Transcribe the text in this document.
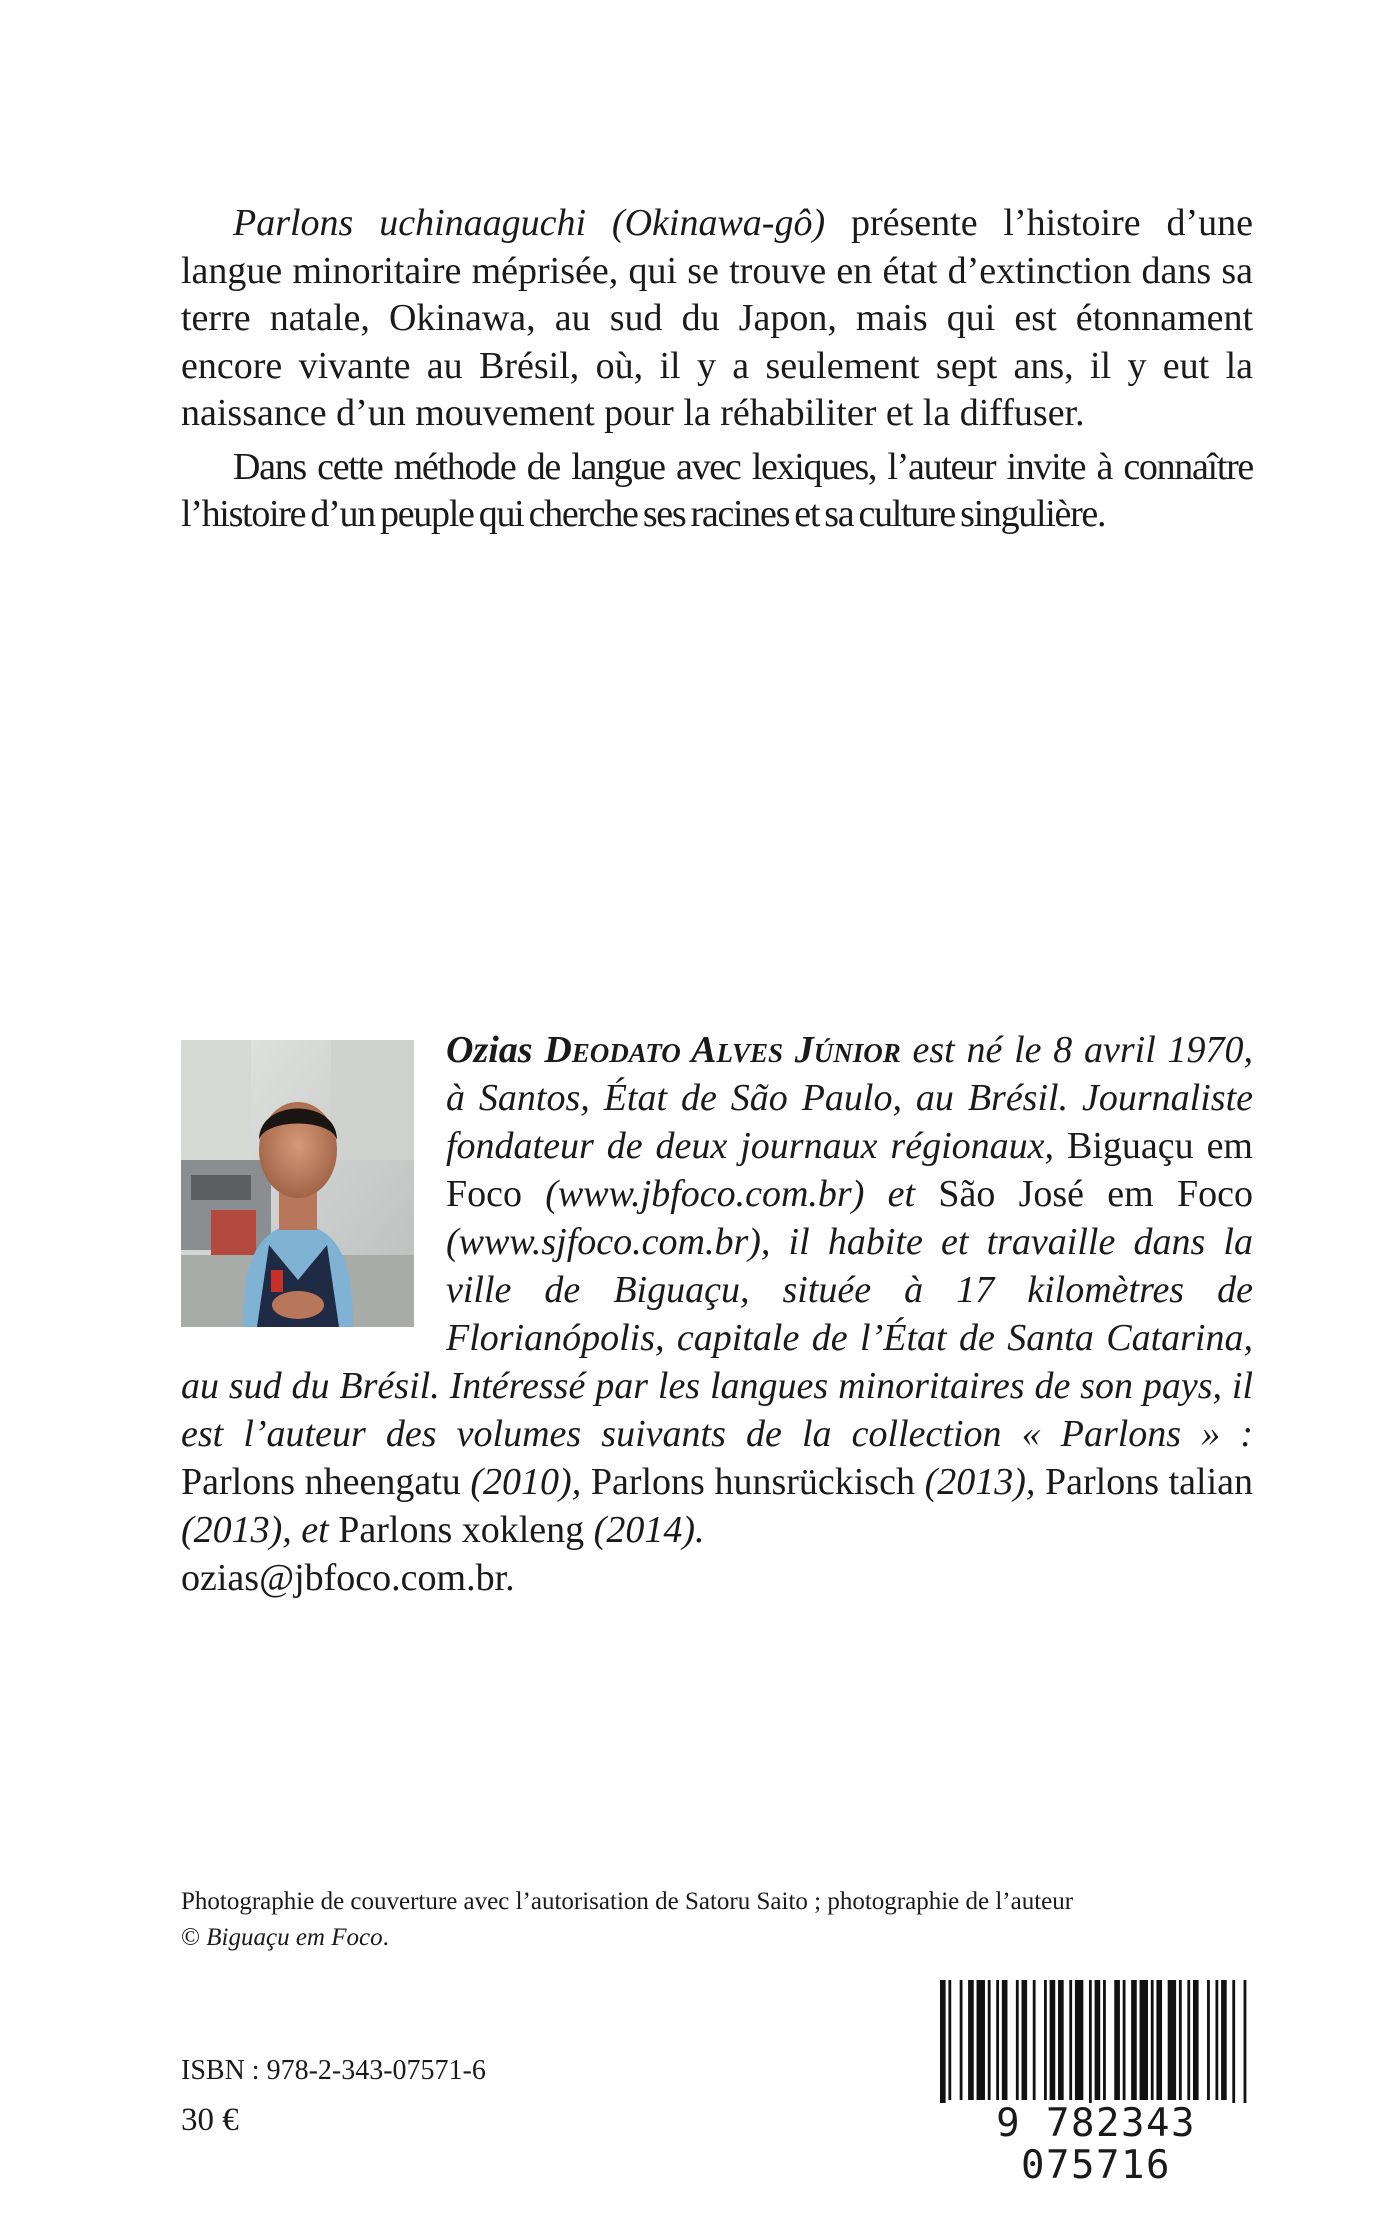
Parlons uchinaaguchi (Okinawa-gô) présente l’histoire d’une langue minoritaire méprisée, qui se trouve en état d’extinction dans sa terre natale, Okinawa, au sud du Japon, mais qui est étonnament encore vivante au Brésil, où, il y a seulement sept ans, il y eut la naissance d’un mouvement pour la réhabiliter et la diffuser.

Dans cette méthode de langue avec lexiques, l’auteur invite à connaître l’histoire d’un peuple qui cherche ses racines et sa culture singulière.

Ozias Deodato Alves Júnior est né le 8 avril 1970, à Santos, État de São Paulo, au Brésil. Journaliste fondateur de deux journaux régionaux, Biguaçu em Foco (www.jbfoco.com.br) et São José em Foco (www.sjfoco.com.br), il habite et travaille dans la ville de Biguaçu, située à 17 kilomètres de Florianópolis, capitale de l’État de Santa Catarina, au sud du Brésil. Intéressé par les langues minoritaires de son pays, il est l’auteur des volumes suivants de la collection « Parlons » : Parlons nheengatu (2010), Parlons hunsrückisch (2013), Parlons talian (2013), et Parlons xokleng (2014).
ozias@jbfoco.com.br.

Photographie de couverture avec l’autorisation de Satoru Saito ; photographie de l’auteur
© Biguaçu em Foco.
ISBN : 978-2-343-07571-6
30 €	9 782343 075716
